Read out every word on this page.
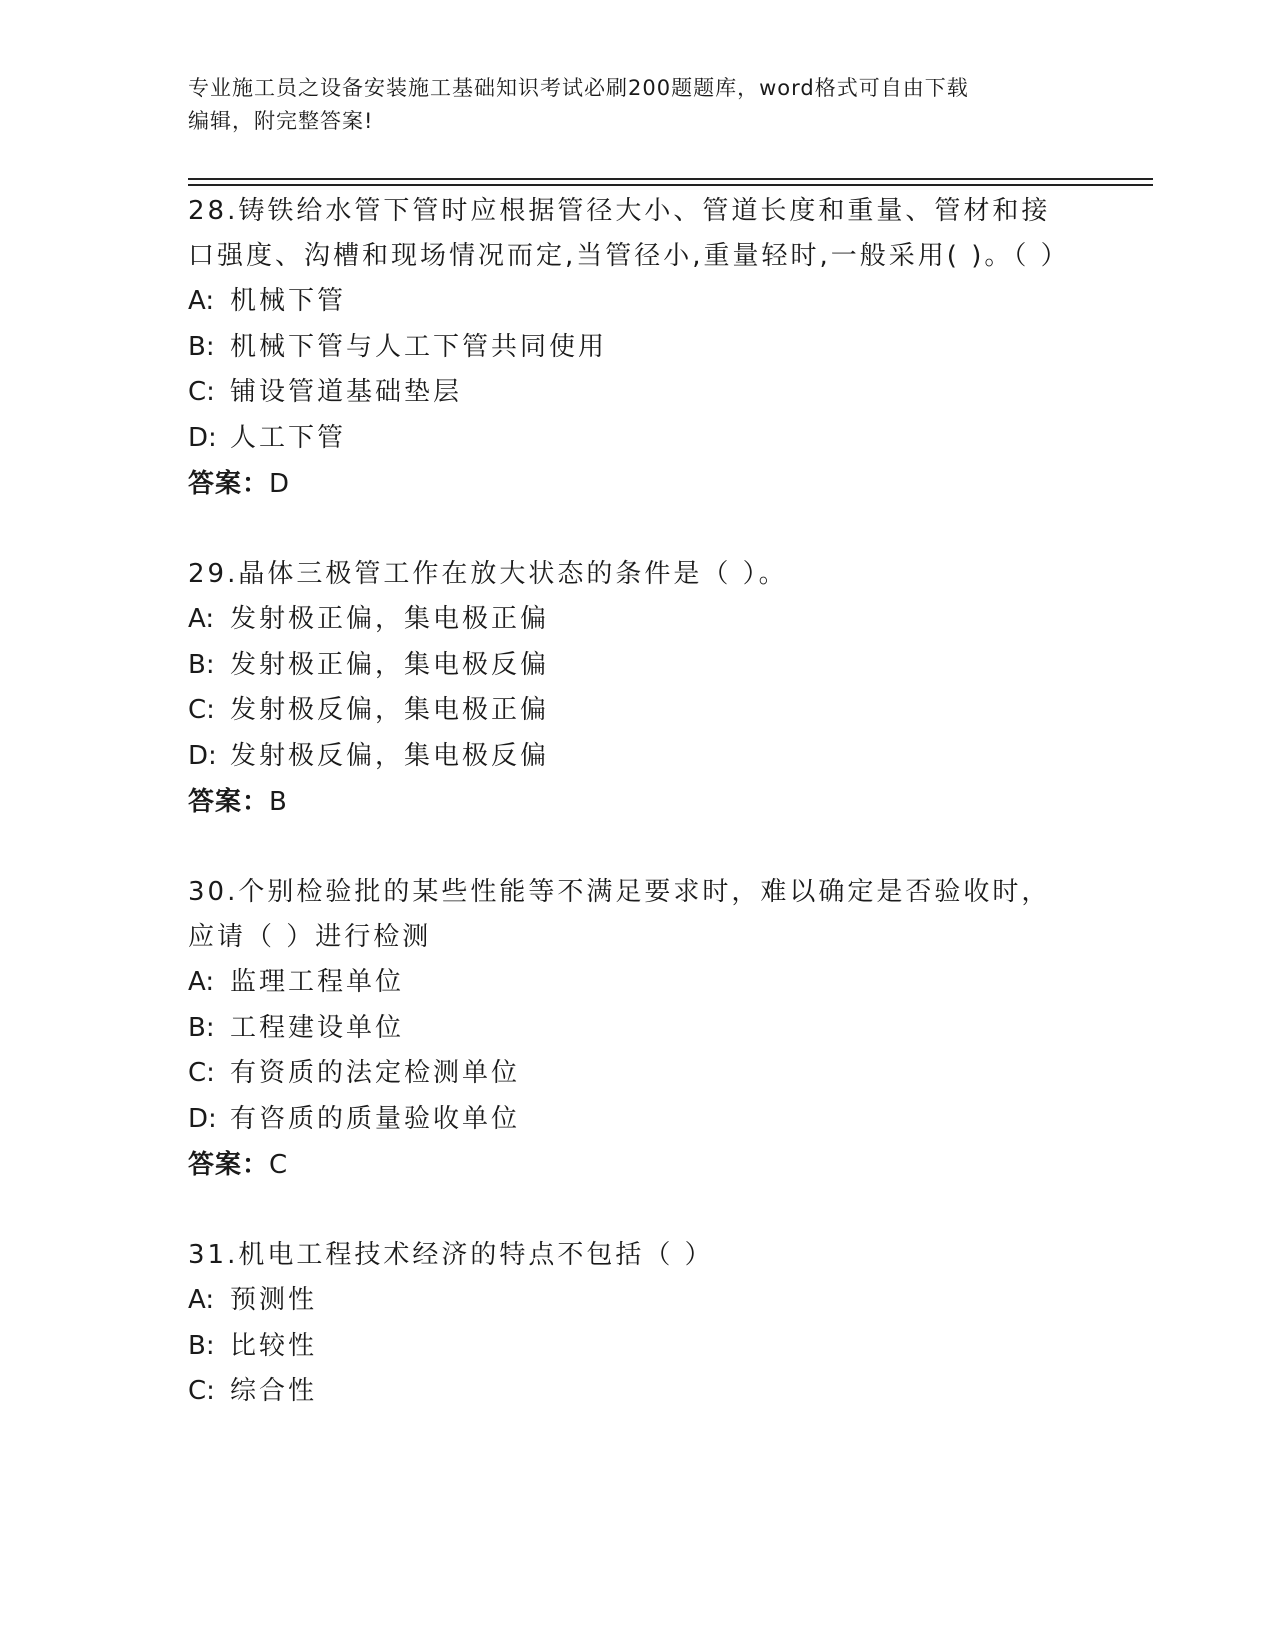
专业施工员之设备安装施工基础知识考试必刷200题题库，word格式可自由下载
编辑，附完整答案!
28.铸铁给水管下管时应根据管径大小、管道长度和重量、管材和接口强度、沟槽和现场情况而定,当管径小,重量轻时,一般采用( )。（ ）
A: 机械下管
B: 机械下管与人工下管共同使用
C: 铺设管道基础垫层
D: 人工下管
答案：D
29.晶体三极管工作在放大状态的条件是（ ）。
A: 发射极正偏，集电极正偏
B: 发射极正偏，集电极反偏
C: 发射极反偏，集电极正偏
D: 发射极反偏，集电极反偏
答案：B
30.个别检验批的某些性能等不满足要求时，难以确定是否验收时，应请（ ）进行检测
A: 监理工程单位
B: 工程建设单位
C: 有资质的法定检测单位
D: 有咨质的质量验收单位
答案：C
31.机电工程技术经济的特点不包括（ ）
A: 预测性
B: 比较性
C: 综合性
